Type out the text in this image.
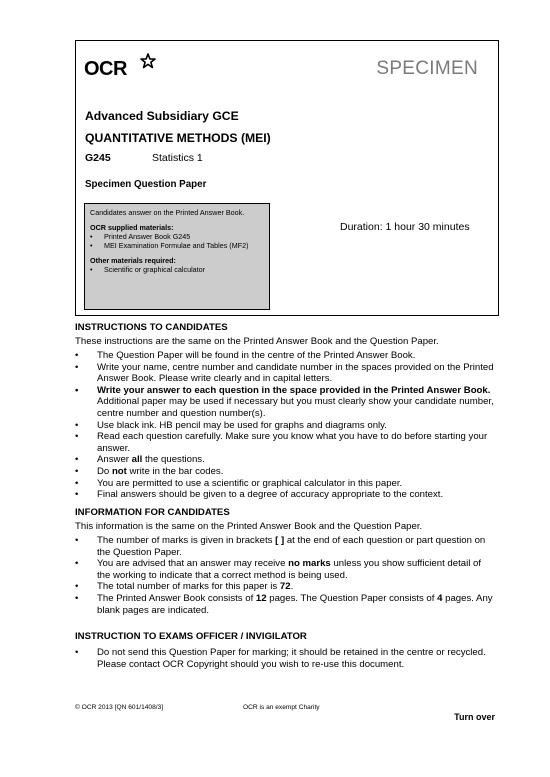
OCR	SPECIMEN
Advanced Subsidiary GCE
QUANTITATIVE METHODS (MEI)
G245	Statistics 1
Specimen Question Paper
Candidates answer on the Printed Answer Book.
OCR supplied materials:
•	Printed Answer Book G245
•	MEI Examination Formulae and Tables (MF2)
Other materials required:
•	Scientific or graphical calculator
Duration: 1 hour 30 minutes
INSTRUCTIONS TO CANDIDATES
These instructions are the same on the Printed Answer Book and the Question Paper.
•	The Question Paper will be found in the centre of the Printed Answer Book.
•	Write your name, centre number and candidate number in the spaces provided on the Printed Answer Book. Please write clearly and in capital letters.
•	Write your answer to each question in the space provided in the Printed Answer Book. Additional paper may be used if necessary but you must clearly show your candidate number, centre number and question number(s).
•	Use black ink. HB pencil may be used for graphs and diagrams only.
•	Read each question carefully. Make sure you know what you have to do before starting your answer.
•	Answer all the questions.
•	Do not write in the bar codes.
•	You are permitted to use a scientific or graphical calculator in this paper.
•	Final answers should be given to a degree of accuracy appropriate to the context.
INFORMATION FOR CANDIDATES
This information is the same on the Printed Answer Book and the Question Paper.
•	The number of marks is given in brackets [ ] at the end of each question or part question on the Question Paper.
•	You are advised that an answer may receive no marks unless you show sufficient detail of the working to indicate that a correct method is being used.
•	The total number of marks for this paper is 72.
•	The Printed Answer Book consists of 12 pages. The Question Paper consists of 4 pages. Any blank pages are indicated.
INSTRUCTION TO EXAMS OFFICER / INVIGILATOR
•	Do not send this Question Paper for marking; it should be retained in the centre or recycled. Please contact OCR Copyright should you wish to re-use this document.
© OCR 2013 [QN 601/1408/3]	OCR is an exempt Charity
Turn over
